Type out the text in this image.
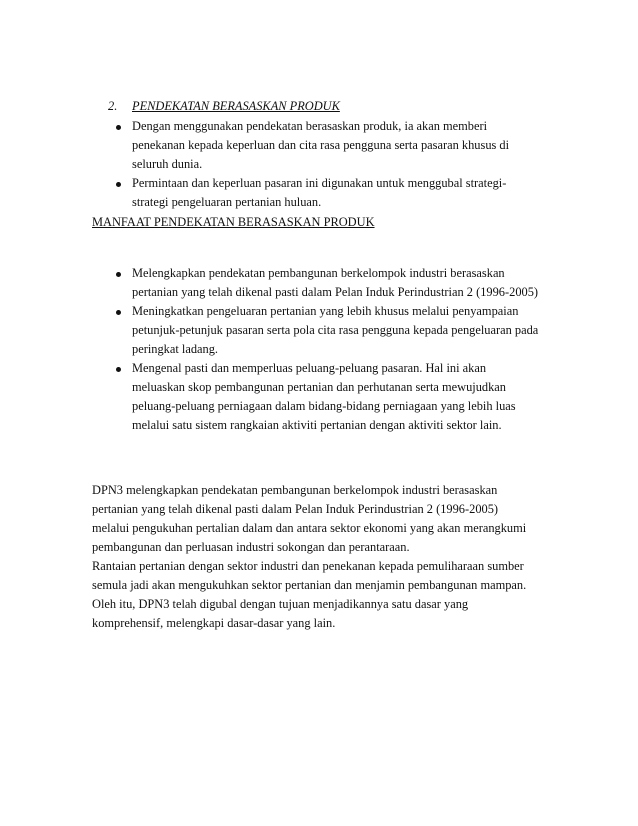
2. PENDEKATAN BERASASKAN PRODUK
Dengan menggunakan pendekatan berasaskan produk, ia akan memberi
penekanan kepada keperluan dan cita rasa pengguna serta pasaran khusus di
seluruh dunia.
Permintaan dan keperluan pasaran ini digunakan untuk menggubal strategi-
strategi pengeluaran pertanian huluan.
MANFAAT PENDEKATAN BERASASKAN PRODUK
Melengkapkan pendekatan pembangunan berkelompok industri berasaskan
pertanian yang telah dikenal pasti dalam Pelan Induk Perindustrian 2 (1996-2005)
Meningkatkan pengeluaran pertanian yang lebih khusus melalui penyampaian
petunjuk-petunjuk pasaran serta pola cita rasa pengguna kepada pengeluaran pada
peringkat ladang.
Mengenal pasti dan memperluas peluang-peluang pasaran. Hal ini akan
meluaskan skop pembangunan pertanian dan perhutanan serta mewujudkan
peluang-peluang perniagaan dalam bidang-bidang perniagaan yang lebih luas
melalui satu sistem rangkaian aktiviti pertanian dengan aktiviti sektor lain.
DPN3 melengkapkan pendekatan pembangunan berkelompok industri berasaskan
pertanian yang telah dikenal pasti dalam Pelan Induk Perindustrian 2 (1996-2005)
melalui pengukuhan pertalian dalam dan antara sektor ekonomi yang akan merangkumi
pembangunan dan perluasan industri sokongan dan perantaraan.
Rantaian pertanian dengan sektor industri dan penekanan kepada pemuliharaan sumber
semula jadi akan mengukuhkan sektor pertanian dan menjamin pembangunan mampan.
Oleh itu, DPN3 telah digubal dengan tujuan menjadikannya satu dasar yang
komprehensif, melengkapi dasar-dasar yang lain.
